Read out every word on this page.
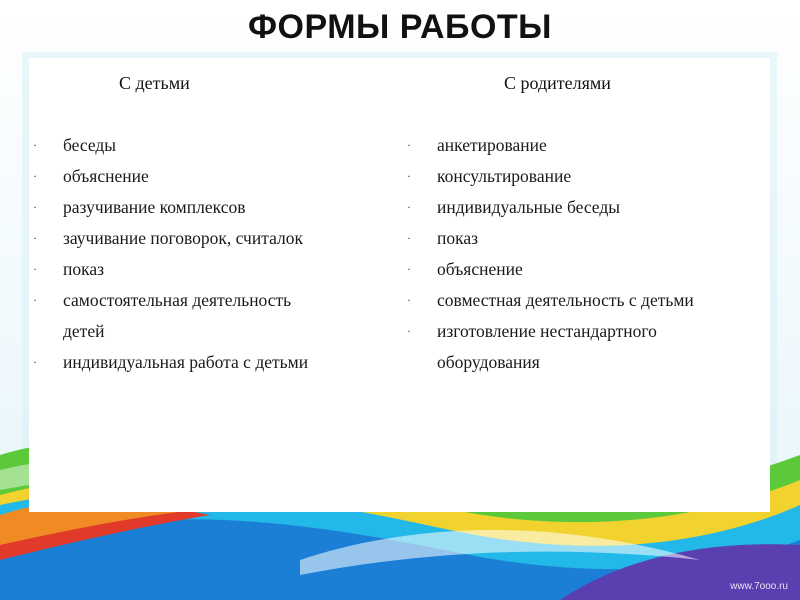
ФОРМЫ РАБОТЫ
С детьми
·	беседы
·	объяснение
·	разучивание комплексов
·	заучивание поговорок, считалок
·	показ
·	самостоятельная деятельность
детей
·	индивидуальная работа с детьми
С родителями
·	анкетирование
·	консультирование
·	индивидуальные беседы
·	показ
·	объяснение
·	совместная деятельность с детьми
·	изготовление нестандартного
оборудования
www.7ooo.ru
